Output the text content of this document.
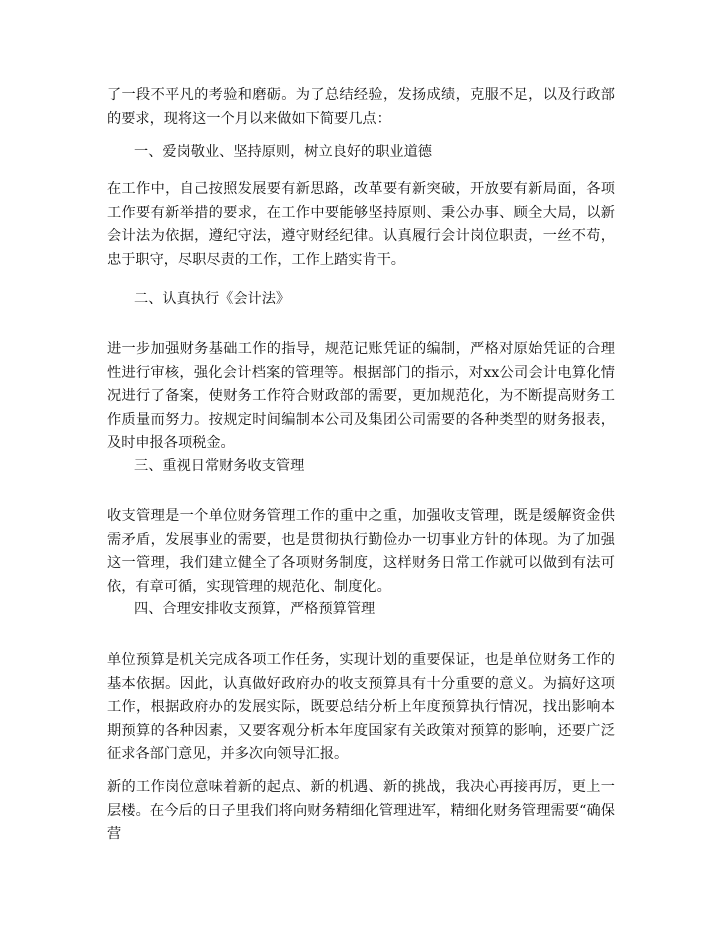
了一段不平凡的考验和磨砺。为了总结经验，发扬成绩，克服不足，以及行政部的要求，现将这一个月以来做如下简要几点：

一、爱岗敬业、坚持原则，树立良好的职业道德

在工作中，自己按照发展要有新思路，改革要有新突破，开放要有新局面，各项工作要有新举措的要求，在工作中要能够坚持原则、秉公办事、顾全大局，以新会计法为依据，遵纪守法，遵守财经纪律。认真履行会计岗位职责，一丝不苟，忠于职守，尽职尽责的工作，工作上踏实肯干。

二、认真执行《会计法》

进一步加强财务基础工作的指导，规范记账凭证的编制，严格对原始凭证的合理性进行审核，强化会计档案的管理等。根据部门的指示，对xx公司会计电算化情况进行了备案，使财务工作符合财政部的需要，更加规范化，为不断提高财务工作质量而努力。按规定时间编制本公司及集团公司需要的各种类型的财务报表，及时申报各项税金。

三、重视日常财务收支管理

收支管理是一个单位财务管理工作的重中之重，加强收支管理，既是缓解资金供需矛盾，发展事业的需要，也是贯彻执行勤俭办一切事业方针的体现。为了加强这一管理，我们建立健全了各项财务制度，这样财务日常工作就可以做到有法可依，有章可循，实现管理的规范化、制度化。

四、合理安排收支预算，严格预算管理

单位预算是机关完成各项工作任务，实现计划的重要保证，也是单位财务工作的基本依据。因此，认真做好政府办的收支预算具有十分重要的意义。为搞好这项工作，根据政府办的发展实际，既要总结分析上年度预算执行情况，找出影响本期预算的各种因素，又要客观分析本年度国家有关政策对预算的影响，还要广泛征求各部门意见，并多次向领导汇报。

新的工作岗位意味着新的起点、新的机遇、新的挑战，我决心再接再厉，更上一层楼。在今后的日子里我们将向财务精细化管理进军，精细化财务管理需要“确保营
